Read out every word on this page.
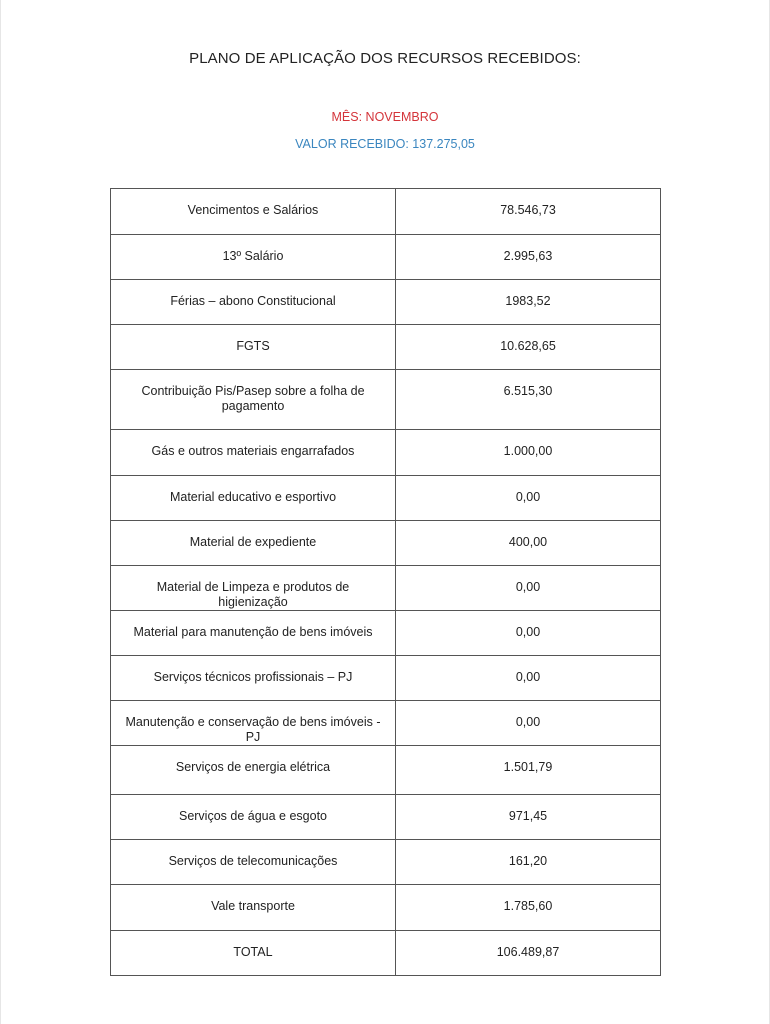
PLANO DE APLICAÇÃO DOS RECURSOS RECEBIDOS:
MÊS: NOVEMBRO
VALOR RECEBIDO: 137.275,05
Vencimentos e Salários	78.546,73
13º Salário	2.995,63
Férias – abono Constitucional	1983,52
FGTS	10.628,65
Contribuição Pis/Pasep sobre a folha de pagamento	6.515,30
Gás e outros materiais engarrafados	1.000,00
Material educativo e esportivo	0,00
Material de expediente	400,00
Material de Limpeza e produtos de higienização	0,00
Material para manutenção de bens imóveis	0,00
Serviços técnicos profissionais – PJ	0,00
Manutenção e conservação de bens imóveis - PJ	0,00
Serviços de energia elétrica	1.501,79
Serviços de água e esgoto	971,45
Serviços de telecomunicações	161,20
Vale transporte	1.785,60
TOTAL	106.489,87
